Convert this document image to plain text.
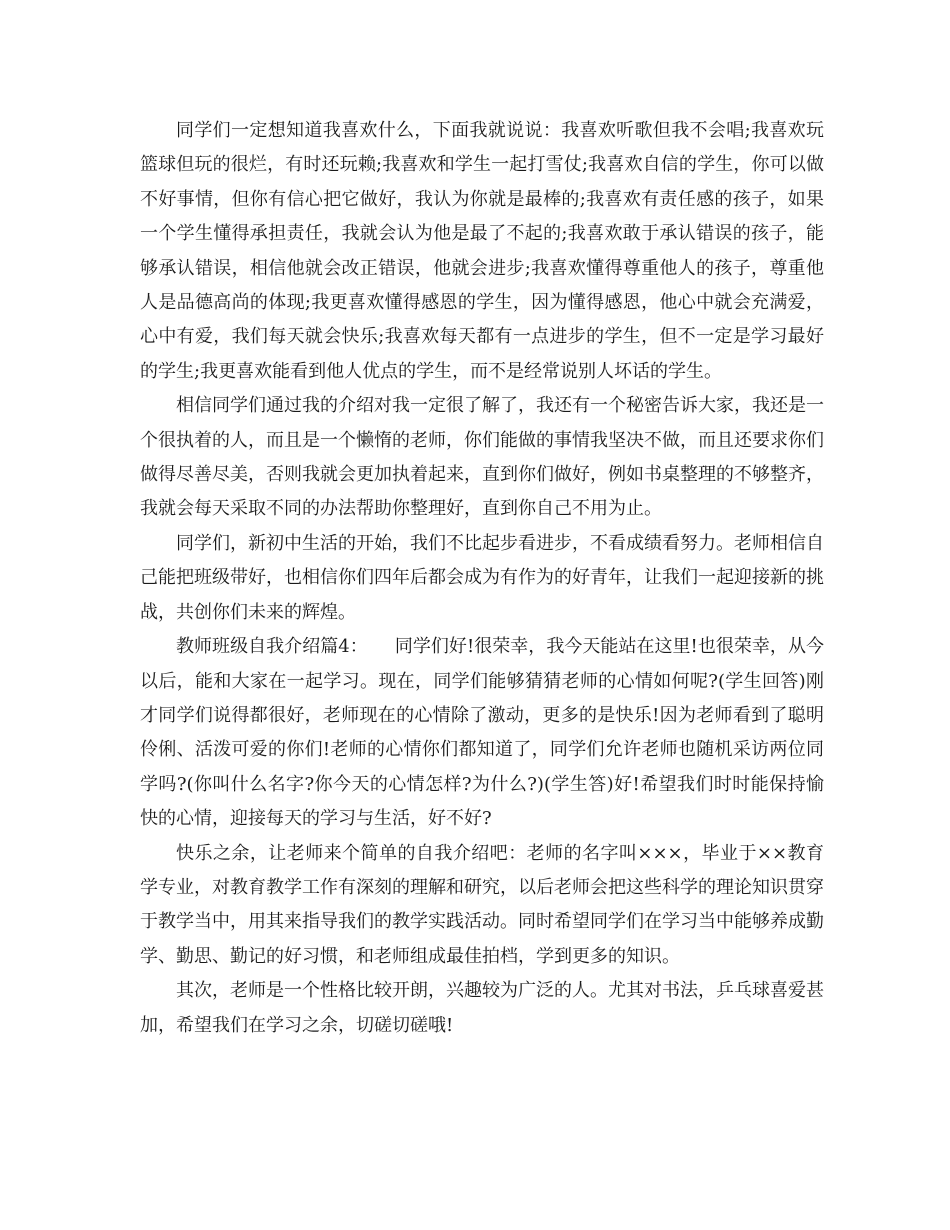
同学们一定想知道我喜欢什么，下面我就说说：我喜欢听歌但我不会唱;我喜欢玩篮球但玩的很烂，有时还玩赖;我喜欢和学生一起打雪仗;我喜欢自信的学生，你可以做不好事情，但你有信心把它做好，我认为你就是最棒的;我喜欢有责任感的孩子，如果一个学生懂得承担责任，我就会认为他是最了不起的;我喜欢敢于承认错误的孩子，能够承认错误，相信他就会改正错误，他就会进步;我喜欢懂得尊重他人的孩子，尊重他人是品德高尚的体现;我更喜欢懂得感恩的学生，因为懂得感恩，他心中就会充满爱，心中有爱，我们每天就会快乐;我喜欢每天都有一点进步的学生，但不一定是学习最好的学生;我更喜欢能看到他人优点的学生，而不是经常说别人坏话的学生。

相信同学们通过我的介绍对我一定很了解了，我还有一个秘密告诉大家，我还是一个很执着的人，而且是一个懒惰的老师，你们能做的事情我坚决不做，而且还要求你们做得尽善尽美，否则我就会更加执着起来，直到你们做好，例如书桌整理的不够整齐，我就会每天采取不同的办法帮助你整理好，直到你自己不用为止。

同学们，新初中生活的开始，我们不比起步看进步，不看成绩看努力。老师相信自己能把班级带好，也相信你们四年后都会成为有作为的好青年，让我们一起迎接新的挑战，共创你们未来的辉煌。

教师班级自我介绍篇4：　　同学们好!很荣幸，我今天能站在这里!也很荣幸，从今以后，能和大家在一起学习。现在，同学们能够猜猜老师的心情如何呢?(学生回答)刚才同学们说得都很好，老师现在的心情除了激动，更多的是快乐!因为老师看到了聪明伶俐、活泼可爱的你们!老师的心情你们都知道了，同学们允许老师也随机采访两位同学吗?(你叫什么名字?你今天的心情怎样?为什么?)(学生答)好!希望我们时时能保持愉快的心情，迎接每天的学习与生活，好不好?

快乐之余，让老师来个简单的自我介绍吧：老师的名字叫×××，毕业于××教育学专业，对教育教学工作有深刻的理解和研究，以后老师会把这些科学的理论知识贯穿于教学当中，用其来指导我们的教学实践活动。同时希望同学们在学习当中能够养成勤学、勤思、勤记的好习惯，和老师组成最佳拍档，学到更多的知识。

其次，老师是一个性格比较开朗，兴趣较为广泛的人。尤其对书法，乒乓球喜爱甚加，希望我们在学习之余，切磋切磋哦!
